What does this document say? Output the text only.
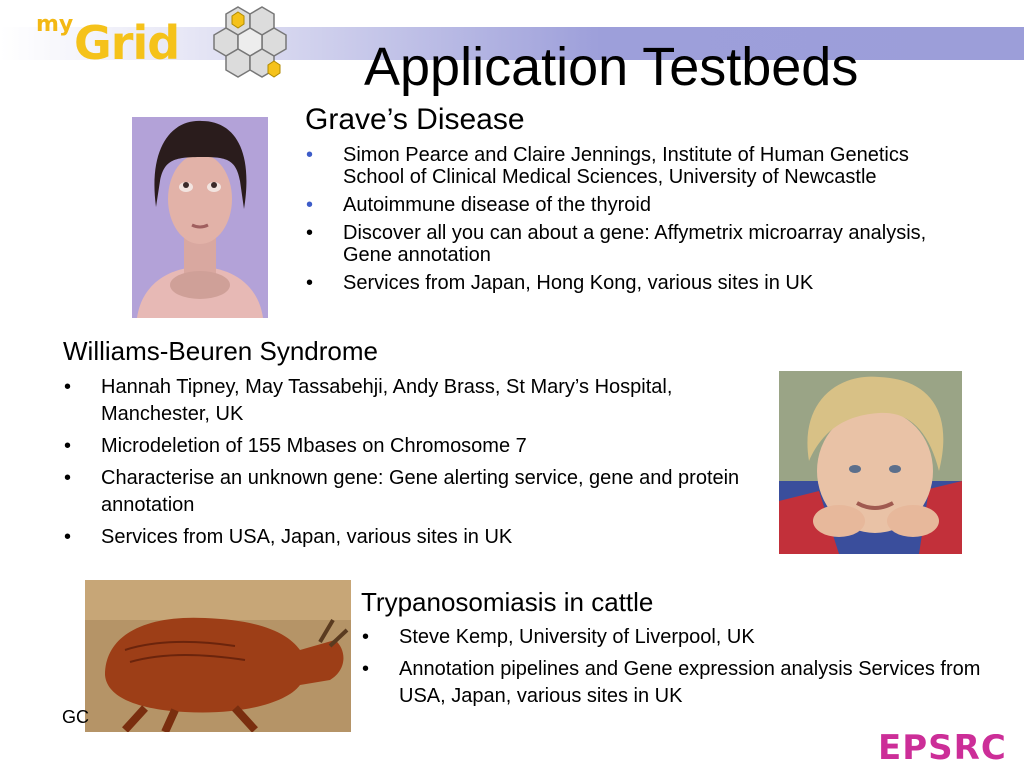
my Grid	Application Testbeds
Grave’s Disease
• Simon Pearce and Claire Jennings, Institute of Human Genetics School of Clinical Medical Sciences, University of Newcastle
• Autoimmune disease of the thyroid
• Discover all you can about a gene: Affymetrix microarray analysis, Gene annotation
• Services from Japan, Hong Kong, various sites in UK
Williams-Beuren Syndrome
• Hannah Tipney, May Tassabehji, Andy Brass, St Mary’s Hospital, Manchester, UK
• Microdeletion of 155 Mbases on Chromosome 7
• Characterise an unknown gene: Gene alerting service, gene and protein annotation
• Services from USA, Japan, various sites in UK
Trypanosomiasis in cattle
• Steve Kemp, University of Liverpool, UK
• Annotation pipelines and Gene expression analysis Services from USA, Japan, various sites in UK
GC
EPSRC
